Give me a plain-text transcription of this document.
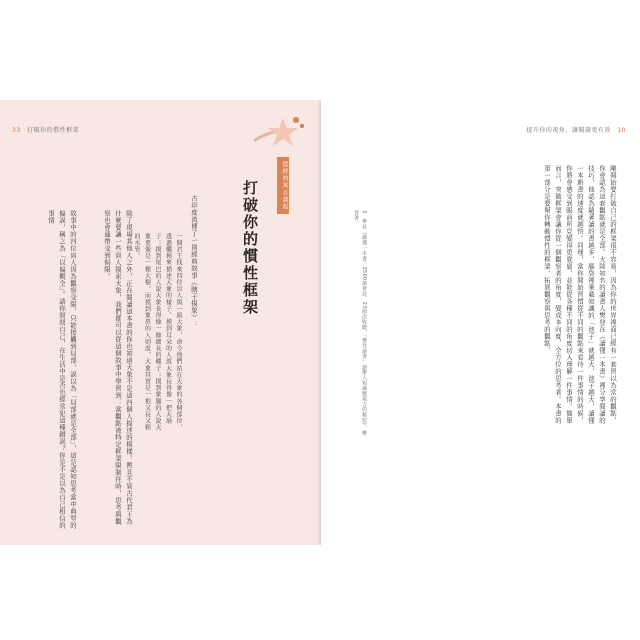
33 打破你的慣性框架
從經典寓言談起
打破你的慣性框架
古印度流傳了一則經典故事《瞎子摸象》：
一個君王找來四位盲人與一頭大象，命令他們站在大象的各個部位，透過觸摸來描述大象的樣子。摸到耳朵的人說大象長得像一把大扇子；摸到尾巴的人說大象長得像一條細長的繩子；摸到象腿的人說大象更像是一棵大樹，而摸到象鼻的人則說，大象其實是一根又長又粗的水管。
除了現場其他人之外，正在閱讀這本書的你也知道大象不是這四個人描述的模樣。暫且不管古代君王為什麼要讓一些盲人摸索大象，我們都可以從這個故事中學習到：當觀點被特定框架限制住時，思考與觀察也會連帶受到侷限。
故事中的四位盲人因為觀察受限，只能接觸到局部，誤以為「局部就是全部」，這是認知思考當中典型的偏誤，稱之為「以偏概全」。請你問問自己，在生活中是否也經常犯這種錯誤？你是不是以為自己相信的事情
提升你的視角，讓閱讀更有效 10
3　參見《讀懂一本書：3500萬會員、23億次收聽，「樊登讀書」創辦人知識變現力的秘密》，樊登著。	剛開始要打破自己的框架很不容易，因為你的世界裡面已經有一套習以為常的觀點，你會認為這套觀點就是全部。大陸知名的讀書人樊登在《讀懂一本書》裡分享閱讀的技巧，他認為隨著讀的書越多，腦袋裡乘載知識的「池子」就越大，池子越大，讀懂一本新書的速度就越快。同理，當你開始習慣從不同的觀點來看待一件事情的時候，你將會感受到眼前所見變得更寬廣，並能從各種不同的角度切入理解一件事情。簡單而言，突破框架會讓你從一個觀察者的角度，變成多向度、全方位的思考者。本書的第一部分是要幫你轉動慣性的框架，拓展觀察與思考的觀點。
